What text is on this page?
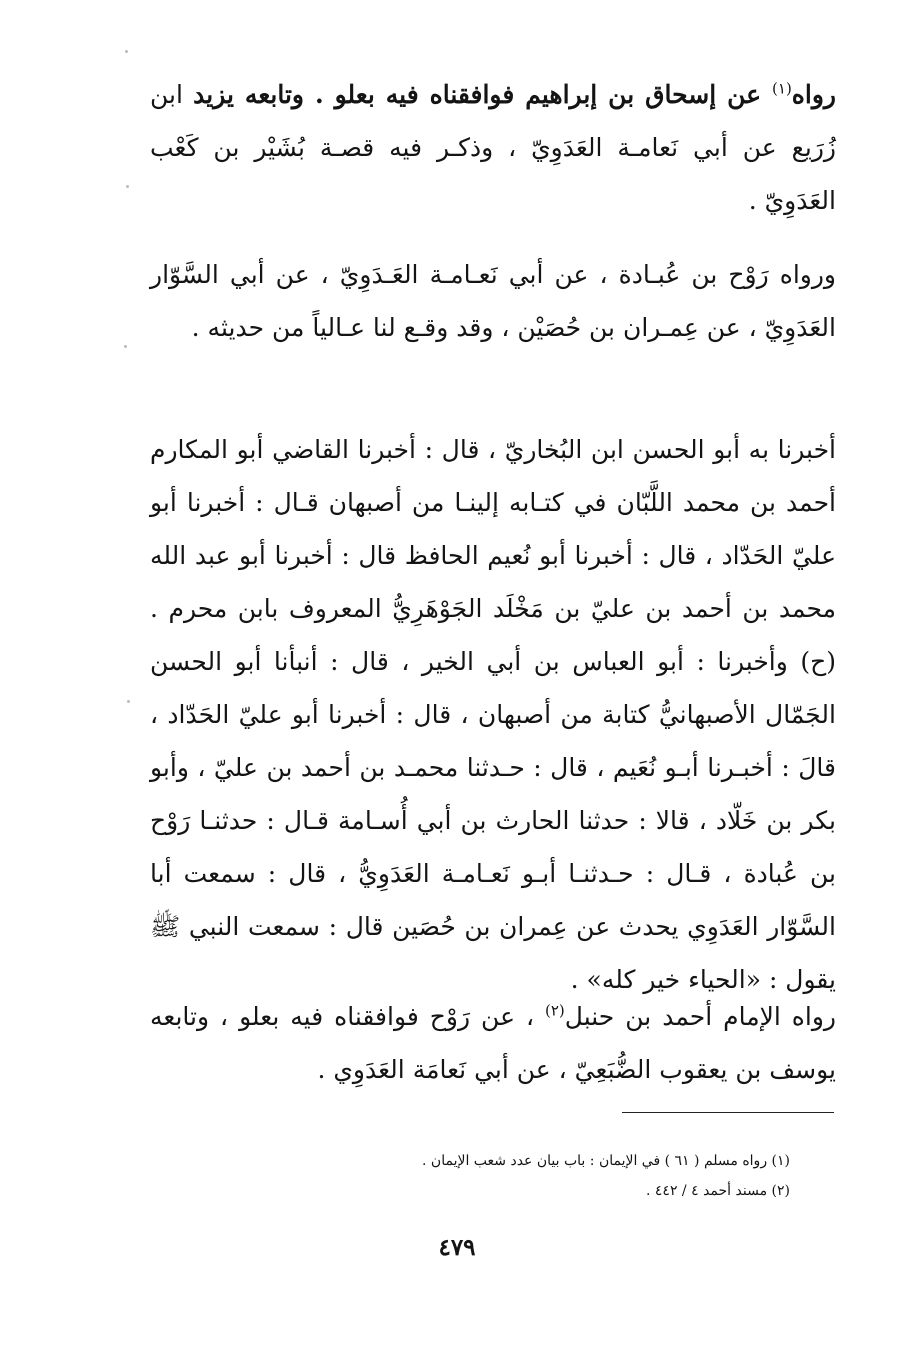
رواه$^{(١)}$ عن إسحاق بن إبراهيم فوافقناه فيه بعلو . وتابعه يزيد ابن زُرَيع عن أبي نَعامـة العَدَوِيّ ، وذكـر فيه قصـة بُشَيْر بن كَعْب العَدَوِيّ .

ورواه رَوْح بن عُبـادة ، عن أبي نَعـامـة العَـدَوِيّ ، عن أبي السَّوّار العَدَوِيّ ، عن عِمـران بن حُصَيْن ، وقد وقـع لنا عـالياً من حديثه .

أخبرنا به أبو الحسن ابن البُخاريّ ، قال : أخبرنا القاضي أبو المكارم أحمد بن محمد اللَّبّان في كتـابه إلينـا من أصبهان قـال : أخبرنا أبو عليّ الحَدّاد ، قال : أخبرنا أبو نُعيم الحافظ قال : أخبرنا أبو عبد الله محمد بن أحمد بن عليّ بن مَخْلَد الجَوْهَرِيُّ المعروف بابن محرم . (ح) وأخبرنا : أبو العباس بن أبي الخير ، قال : أنبأنا أبو الحسن الجَمّال الأصبهانيُّ كتابة من أصبهان ، قال : أخبرنا أبو عليّ الحَدّاد ، قالَ : أخبـرنا أبـو نُعَيم ، قال : حـدثنا محمـد بن أحمد بن عليّ ، وأبو بكر بن خَلّاد ، قالا : حدثنا الحارث بن أبي أُسـامة قـال : حدثنـا رَوْح بن عُبادة ، قـال : حـدثنـا أبـو نَعـامـة العَدَوِيُّ ، قال : سمعت أبا السَّوّار العَدَوِي يحدث عن عِمران بن حُصَين قال : سمعت النبي ﷺ يقول : «الحياء خير كله» .

رواه الإمام أحمد بن حنبل$^{(٢)}$ ، عن رَوْح فوافقناه فيه بعلو ، وتابعه يوسف بن يعقوب الضُّبَعِيّ ، عن أبي نَعامَة العَدَوِي .

(١) رواه مسلم ( ٦١ ) في الإيمان : باب بيان عدد شعب الإيمان .
(٢) مسند أحمد ٤ / ٤٤٢ .
٤٧٩
